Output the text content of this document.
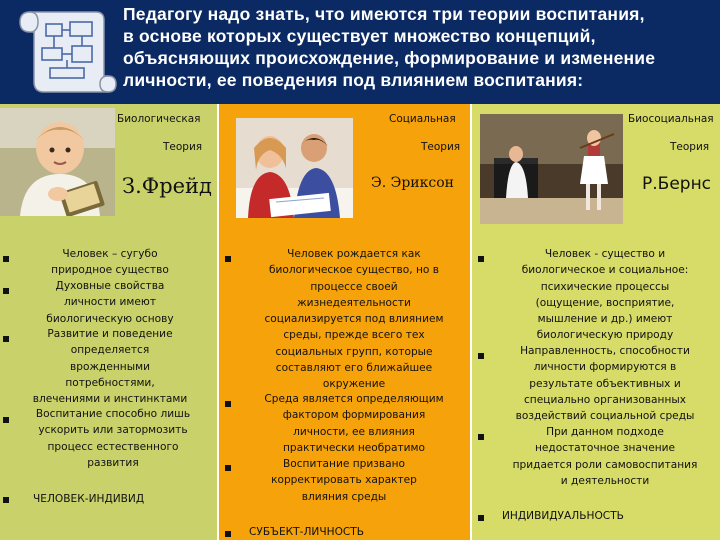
Педагогу надо знать, что имеются три теории воспитания,
в основе которых существует множество концепций,
объясняющих происхождение, формирование и изменение
личности, ее поведения под влиянием воспитания:
Биологическая
Теория
З.Фрейд
Человек – сугубо
природное существо
Духовные свойства
личности имеют
биологическую основу
Развитие и поведение
определяется
врожденными
потребностями,
влечениями и инстинктами
Воспитание способно лишь
ускорить или затормозить
процесс естественного
развития
ЧЕЛОВЕК-ИНДИВИД
Социальная
Теория
Э. Эриксон
Человек рождается как
биологическое существо, но в
процессе своей
жизнедеятельности
социализируется под влиянием
среды, прежде всего тех
социальных групп, которые
составляют его ближайшее
окружение
Среда является определяющим
фактором формирования
личности, ее влияния
практически необратимо
Воспитание призвано
корректировать характер
влияния среды
СУБЪЕКТ-ЛИЧНОСТЬ
Биосоциальная
Теория
Р.Бернс
Человек - существо и
биологическое и социальное:
психические процессы
(ощущение, восприятие,
мышление и др.) имеют
биологическую природу
Направленность, способности
личности формируются в
результате объективных и
специально организованных
воздействий социальной среды
При данном подходе
недостаточное значение
придается роли самовоспитания
и деятельности
ИНДИВИДУАЛЬНОСТЬ
